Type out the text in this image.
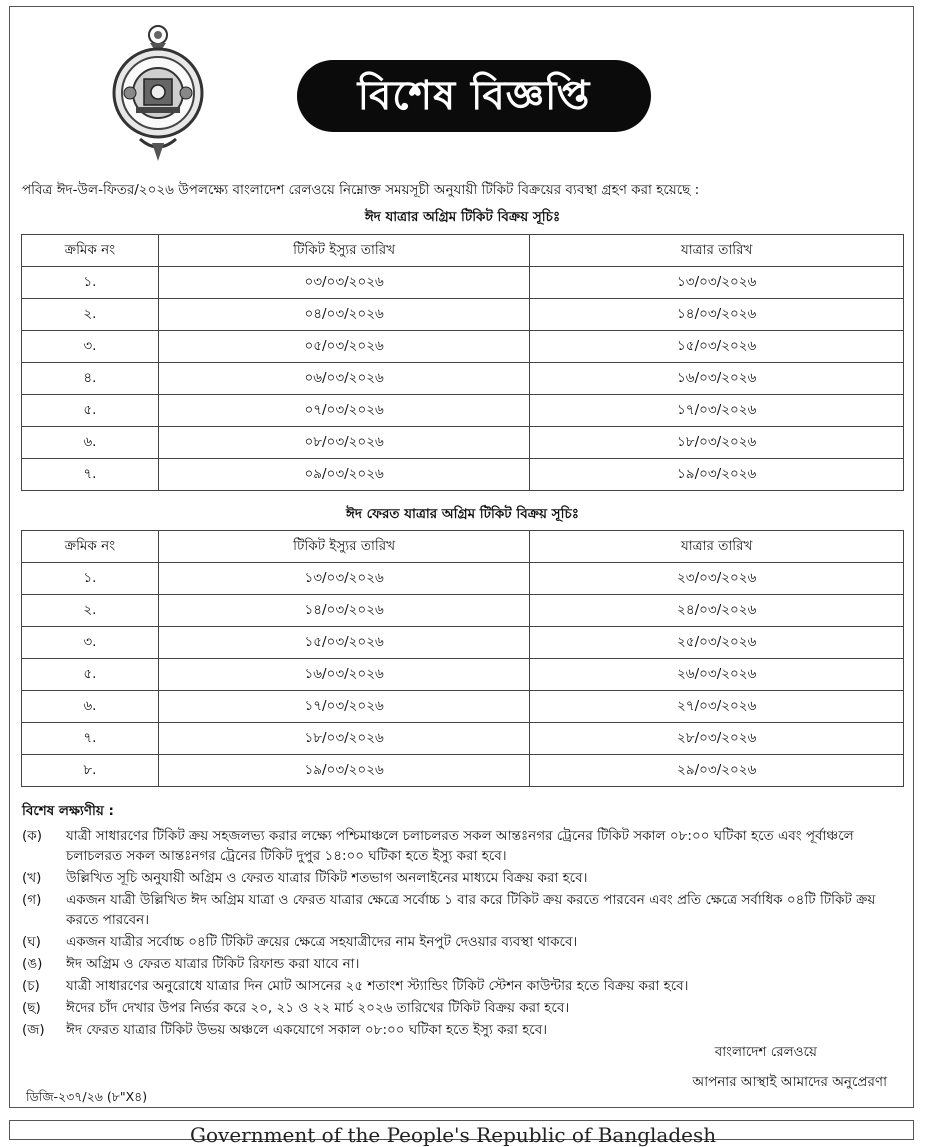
বিশেষ বিজ্ঞপ্তি

পবিত্র ঈদ-উল-ফিতর/২০২৬ উপলক্ষ্যে বাংলাদেশ রেলওয়ে নিম্নোক্ত সময়সূচী অনুযায়ী টিকিট বিক্রয়ের ব্যবস্থা গ্রহণ করা হয়েছে :

ঈদ যাত্রার অগ্রিম টিকিট বিক্রয় সূচিঃ
ক্রমিক নং	টিকিট ইস্যুর তারিখ	যাত্রার তারিখ
১.	০৩/০৩/২০২৬	১৩/০৩/২০২৬
২.	০৪/০৩/২০২৬	১৪/০৩/২০২৬
৩.	০৫/০৩/২০২৬	১৫/০৩/২০২৬
৪.	০৬/০৩/২০২৬	১৬/০৩/২০২৬
৫.	০৭/০৩/২০২৬	১৭/০৩/২০২৬
৬.	০৮/০৩/২০২৬	১৮/০৩/২০২৬
৭.	০৯/০৩/২০২৬	১৯/০৩/২০২৬
ঈদ ফেরত যাত্রার অগ্রিম টিকিট বিক্রয় সূচিঃ
ক্রমিক নং	টিকিট ইস্যুর তারিখ	যাত্রার তারিখ
১.	১৩/০৩/২০২৬	২৩/০৩/২০২৬
২.	১৪/০৩/২০২৬	২৪/০৩/২০২৬
৩.	১৫/০৩/২০২৬	২৫/০৩/২০২৬
৫.	১৬/০৩/২০২৬	২৬/০৩/২০২৬
৬.	১৭/০৩/২০২৬	২৭/০৩/২০২৬
৭.	১৮/০৩/২০২৬	২৮/০৩/২০২৬
৮.	১৯/০৩/২০২৬	২৯/০৩/২০২৬
বিশেষ লক্ষ্যণীয় :
(ক)	যাত্রী সাধারণের টিকিট ক্রয় সহজলভ্য করার লক্ষ্যে পশ্চিমাঞ্চলে চলাচলরত সকল আন্তঃনগর ট্রেনের টিকিট সকাল ০৮:০০ ঘটিকা হতে এবং পূর্বাঞ্চলে চলাচলরত সকল আন্তঃনগর ট্রেনের টিকিট দুপুর ১৪:০০ ঘটিকা হতে ইস্যু করা হবে।
(খ)	উল্লিখিত সূচি অনুযায়ী অগ্রিম ও ফেরত যাত্রার টিকিট শতভাগ অনলাইনের মাধ্যমে বিক্রয় করা হবে।
(গ)	একজন যাত্রী উল্লিখিত ঈদ অগ্রিম যাত্রা ও ফেরত যাত্রার ক্ষেত্রে সর্বোচ্চ ১ বার করে টিকিট ক্রয় করতে পারবেন এবং প্রতি ক্ষেত্রে সর্বাধিক ০৪টি টিকিট ক্রয় করতে পারবেন।
(ঘ)	একজন যাত্রীর সর্বোচ্চ ০৪টি টিকিট ক্রয়ের ক্ষেত্রে সহযাত্রীদের নাম ইনপুট দেওয়ার ব্যবস্থা থাকবে।
(ঙ)	ঈদ অগ্রিম ও ফেরত যাত্রার টিকিট রিফান্ড করা যাবে না।
(চ)	যাত্রী সাধারণের অনুরোধে যাত্রার দিন মোট আসনের ২৫ শতাংশ স্ট্যান্ডিং টিকিট স্টেশন কাউন্টার হতে বিক্রয় করা হবে।
(ছ)	ঈদের চাঁদ দেখার উপর নির্ভর করে ২০, ২১ ও ২২ মার্চ ২০২৬ তারিখের টিকিট বিক্রয় করা হবে।
(জ)	ঈদ ফেরত যাত্রার টিকিট উভয় অঞ্চলে একযোগে সকাল ০৮:০০ ঘটিকা হতে ইস্যু করা হবে।
বাংলাদেশ রেলওয়ে
আপনার আস্থাই আমাদের অনুপ্রেরণা
ডিজি-২৩৭/২৬ (৮"X৪)
Government of the People's Republic of Bangladesh
